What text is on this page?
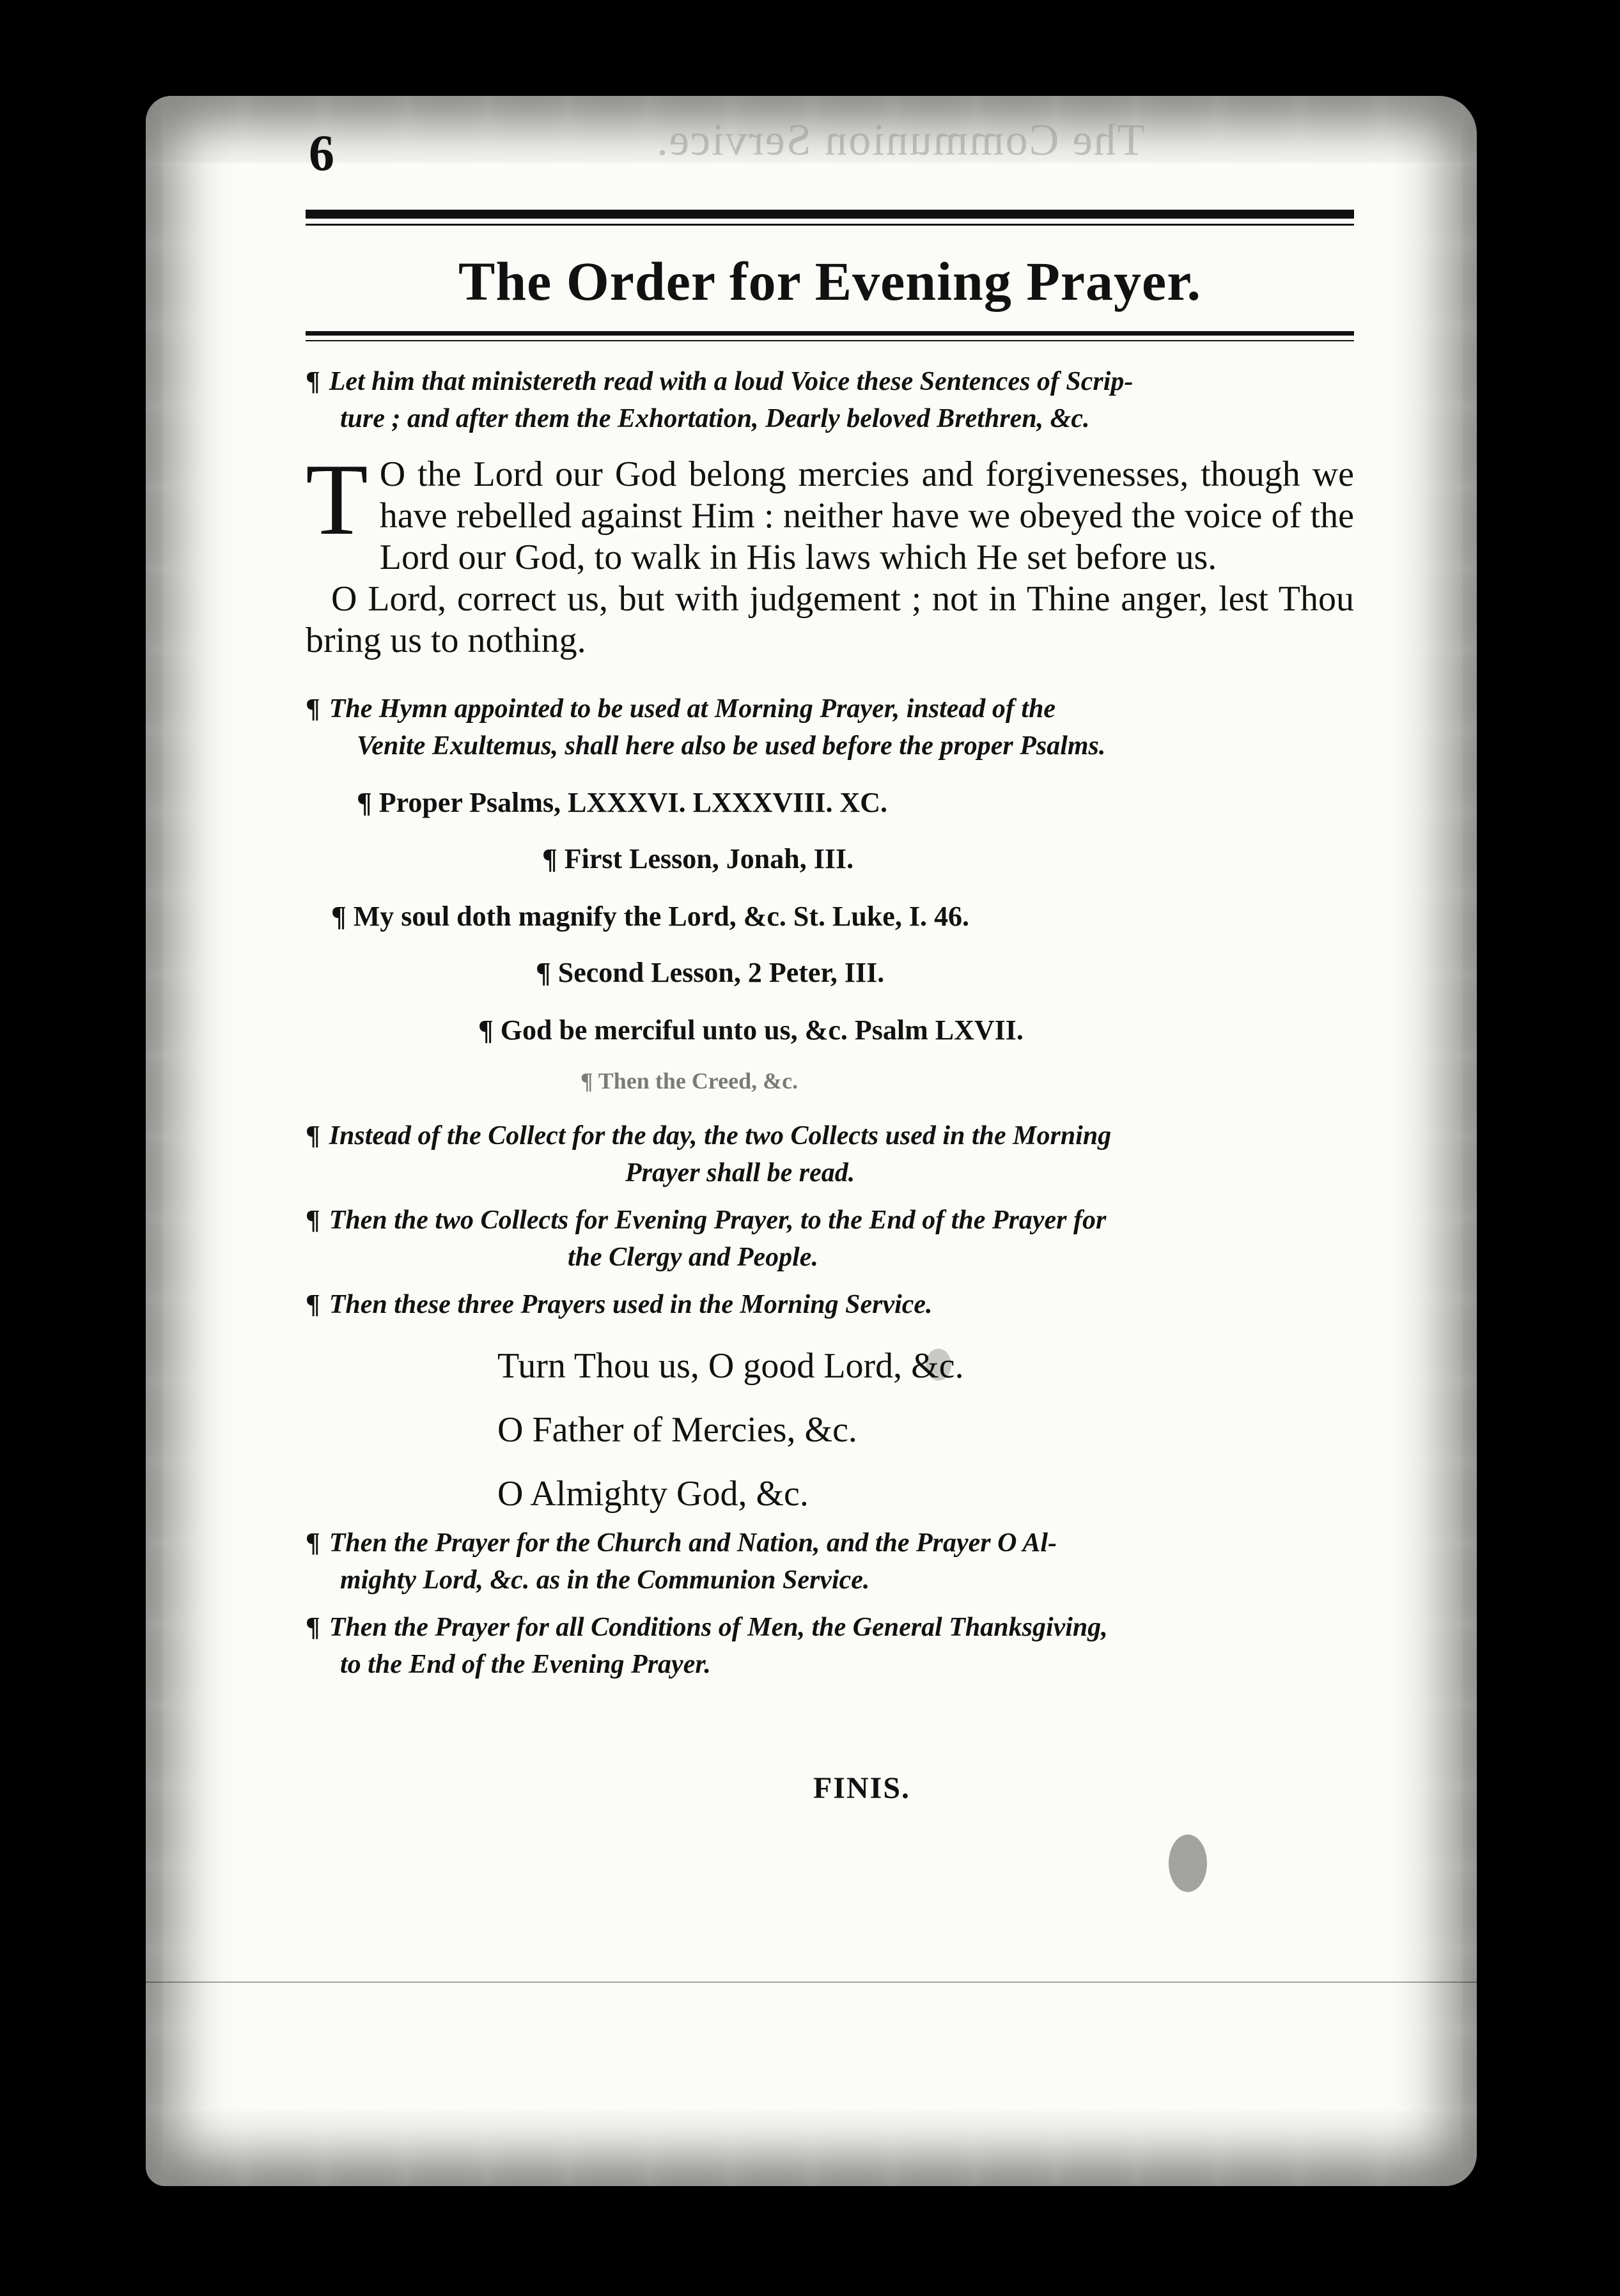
The Communion Service.
6
The Order for Evening Prayer.
¶ Let him that ministereth read with a loud Voice these Sentences of Scrip-
ture ; and after them the Exhortation, Dearly beloved Brethren, &c.
T O the Lord our God belong mercies and forgivenesses, though we have rebelled against Him : neither have we obeyed the voice of the Lord our God, to walk in His laws which He set before us.
O Lord, correct us, but with judgement ; not in Thine anger, lest Thou bring us to nothing.
¶ The Hymn appointed to be used at Morning Prayer, instead of the
Venite Exultemus, shall here also be used before the proper Psalms.
¶ Proper Psalms, LXXXVI. LXXXVIII. XC.
¶ First Lesson, Jonah, III.
¶ My soul doth magnify the Lord, &c. St. Luke, I. 46.
¶ Second Lesson, 2 Peter, III.
¶ God be merciful unto us, &c. Psalm LXVII.
¶ Then the Creed, &c.
¶ Instead of the Collect for the day, the two Collects used in the Morning
Prayer shall be read.
¶ Then the two Collects for Evening Prayer, to the End of the Prayer for
the Clergy and People.
¶ Then these three Prayers used in the Morning Service.
Turn Thou us, O good Lord, &c.
O Father of Mercies, &c.
O Almighty God, &c.
¶ Then the Prayer for the Church and Nation, and the Prayer O Al-
mighty Lord, &c. as in the Communion Service.
¶ Then the Prayer for all Conditions of Men, the General Thanksgiving,
to the End of the Evening Prayer.
FINIS.
